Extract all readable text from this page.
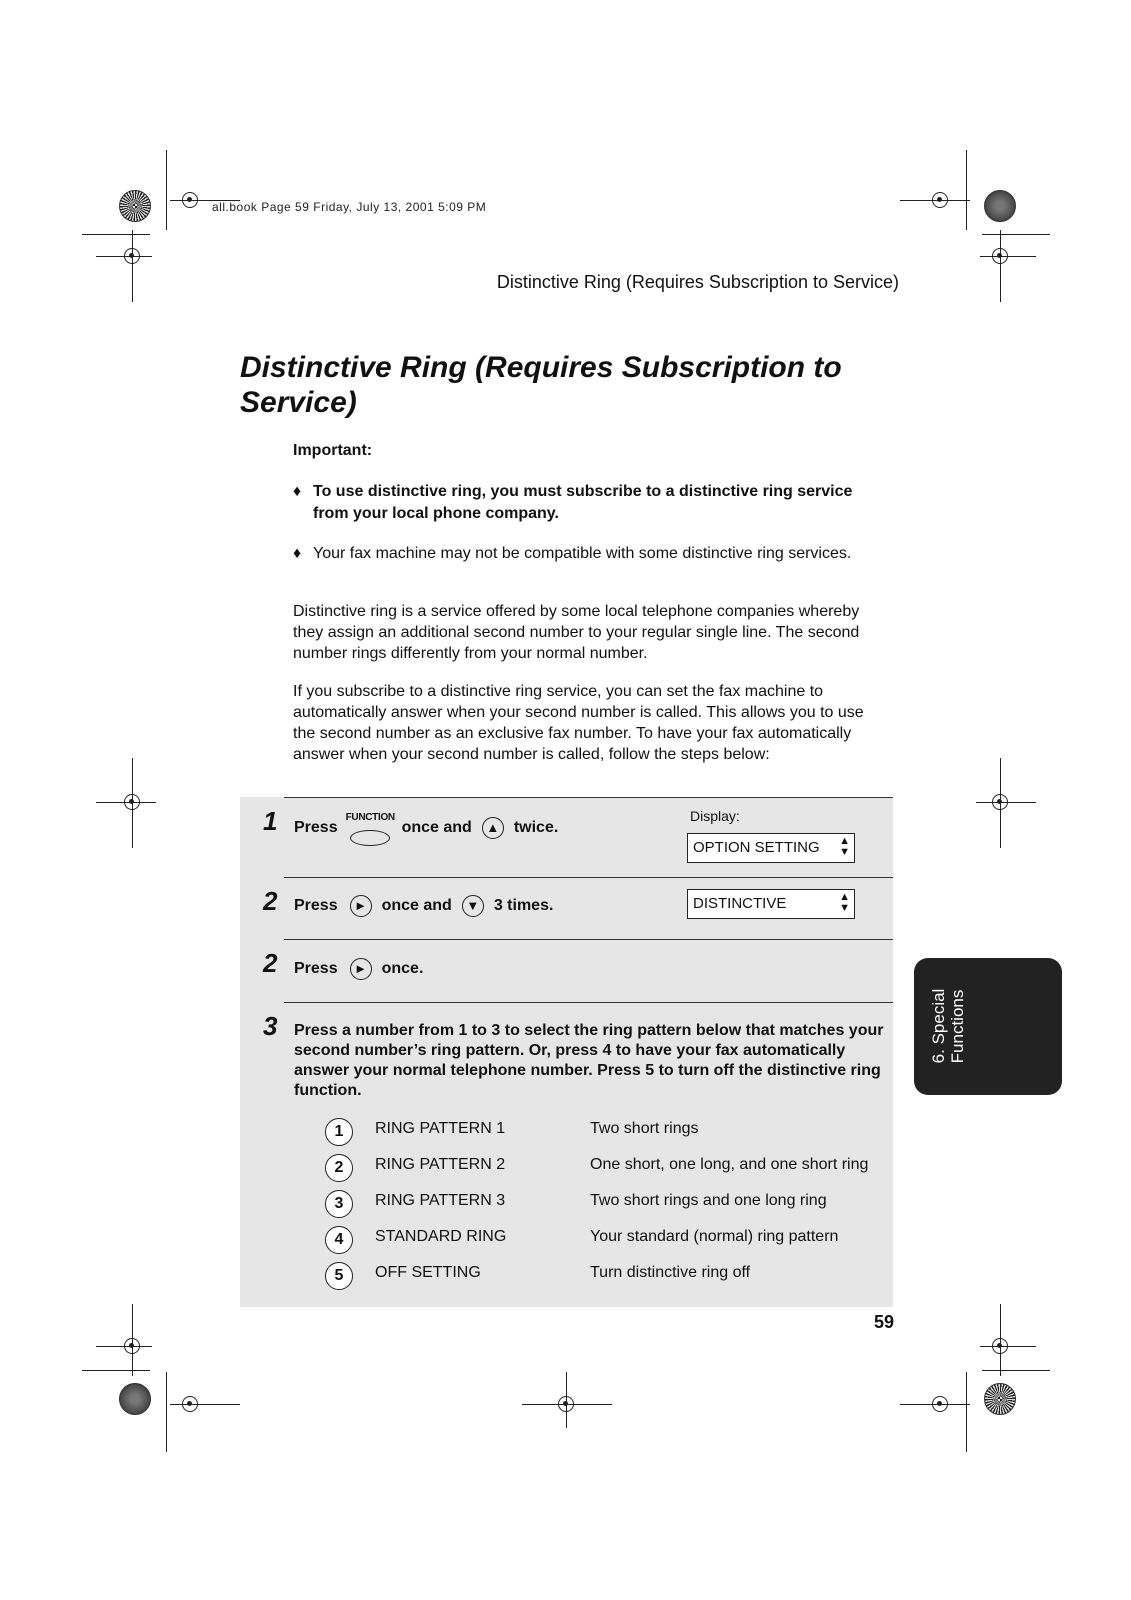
all.book Page 59 Friday, July 13, 2001 5:09 PM
Distinctive Ring (Requires Subscription to Service)
Distinctive Ring (Requires Subscription to Service)
Important:
♦ To use distinctive ring, you must subscribe to a distinctive ring service from your local phone company.
♦ Your fax machine may not be compatible with some distinctive ring services.
Distinctive ring is a service offered by some local telephone companies whereby they assign an additional second number to your regular single line. The second number rings differently from your normal number.
If you subscribe to a distinctive ring service, you can set the fax machine to automatically answer when your second number is called. This allows you to use the second number as an exclusive fax number. To have your fax automatically answer when your second number is called, follow the steps below:
Display:
1 Press
FUNCTION
once and ▲ twice.
OPTION SETTING ▲
▼
2 Press ► once and ▼ 3 times.	DISTINCTIVE	▲
▼
2 Press ► once.
3 Press a number from 1 to 3 to select the ring pattern below that matches your second number’s ring pattern. Or, press 4 to have your fax automatically answer your normal telephone number. Press 5 to turn off the distinctive ring function.
1	RING PATTERN 1	Two short rings
2	RING PATTERN 2	One short, one long, and one short ring
3	RING PATTERN 3	Two short rings and one long ring
4	STANDARD RING	Your standard (normal) ring pattern
5	OFF SETTING	Turn distinctive ring off
6. Special Functions
59
